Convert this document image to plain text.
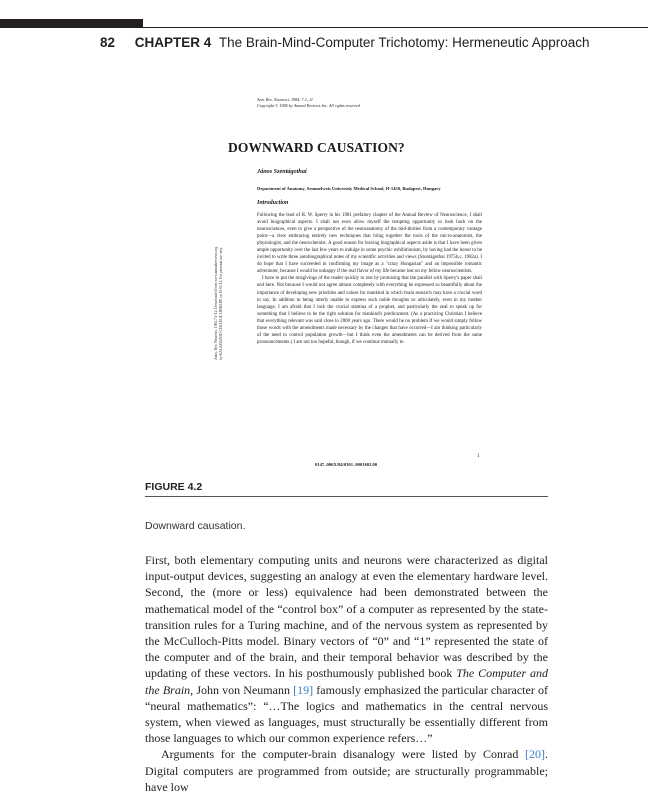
82 CHAPTER 4 The Brain-Mind-Computer Trichotomy: Hermeneutic Approach
Ann. Rev. Neurosci. 1984. 7:1–11
Copyright © 1984 by Annual Reviews Inc. All rights reserved
Annu. Rev. Neurosci. 1984.7:1-12. Downloaded from www.annualreviews.org by KALAMAZOO COLLEGE LIBRARY on 10/01/12. For personal use only.
DOWNWARD CAUSATION?
János Szentágothai
Department of Anatomy, Semmelweis University Medical School, H-1450, Budapest, Hungary
Introduction

Following the lead of R. W. Sperry in his 1981 prefatory chapter of the Annual Review of Neuroscience, I shall avoid biographical aspects. I shall not even allow myself the tempting opportunity to look back on the neurosciences, even to give a perspective of the neuroanatomy of the mid-thirties from a contemporary vantage point—a view embracing entirely new techniques that bring together the tools of the micro-anatomist, the physiologist, and the neurochemist. A good reason for leaving biographical aspects aside is that I have been given ample opportunity over the last few years to indulge in some psychic exhibitionism, by having had the honor to be invited to write three autobiographical notes of my scientific activities and views (Szentágothai 1975b,c, 1982a). I do hope that I have succeeded in confirming my image as a "crazy Hungarian" and an impossible romantic adventurer, because I would be unhappy if the real flavor of my life became lost on my fellow neuroscientists.

I have to put the misgivings of the reader quickly to rest by promising that the parallel with Sperry's paper shall end here. Not because I would not agree almost completely with everything he expressed so beautifully about the importance of developing new priorities and values for mankind in which brain research may have a crucial word to say. In addition to being utterly unable to express such noble thoughts so articulately, even in my mother language, I am afraid that I lack the crucial stamina of a prophet, and particularly the zeal to speak up for something that I believe to be the right solution for mankind's predicament. (As a practicing Christian I believe that everything relevant was said close to 2000 years ago. There would be no problem if we would simply follow those words with the amendments made necessary by the changes that have occurred—I am thinking particularly of the need to control population growth—but I think even the amendments can be derived from the same pronouncements.) I am not too hopeful, though, if we continue mutually to

1
0147–006X/84/0301–0001$02.00
FIGURE 4.2
Downward causation.

First, both elementary computing units and neurons were characterized as digital input-output devices, suggesting an analogy at even the elementary hardware level. Second, the (more or less) equivalence had been demonstrated between the mathematical model of the “control box” of a computer as represented by the state-transition rules for a Turing machine, and of the nervous system as represented by the McCulloch-Pitts model. Binary vectors of “0” and “1” represented the state of the computer and of the brain, and their temporal behavior was described by the updating of these vectors. In his posthumously published book The Computer and the Brain, John von Neumann [19] famously emphasized the particular character of “neural mathematics”: “…The logics and mathematics in the central nervous system, when viewed as languages, must structurally be essentially different from those languages to which our common experience refers…”

Arguments for the computer-brain disanalogy were listed by Conrad [20]. Digital computers are programmed from outside; are structurally programmable; have low
